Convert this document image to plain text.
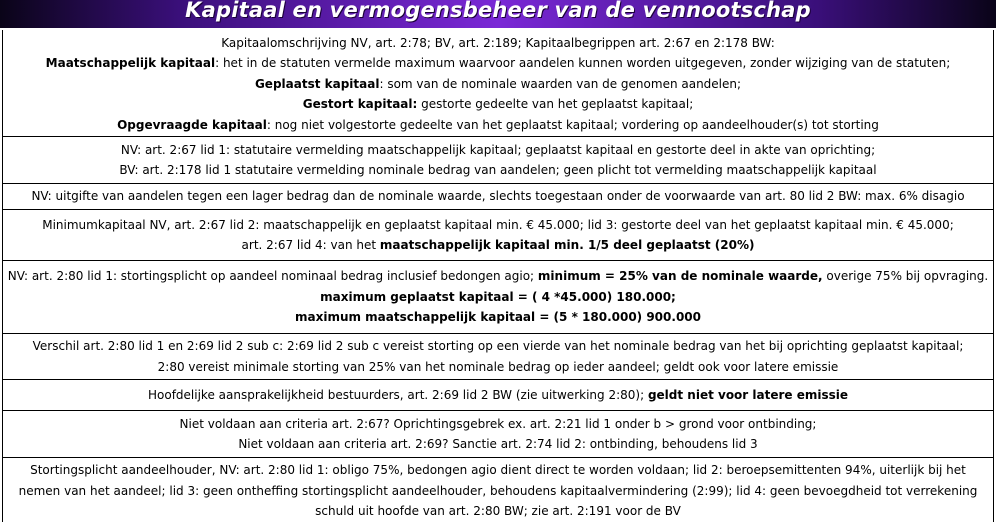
Kapitaal en vermogensbeheer van de vennootschap
Kapitaalomschrijving NV, art. 2:78; BV, art. 2:189; Kapitaalbegrippen art. 2:67 en 2:178 BW:
Maatschappelijk kapitaal: het in de statuten vermelde maximum waarvoor aandelen kunnen worden uitgegeven, zonder wijziging van de statuten;
Geplaatst kapitaal: som van de nominale waarden van de genomen aandelen;
Gestort kapitaal: gestorte gedeelte van het geplaatst kapitaal;
Opgevraagde kapitaal: nog niet volgestorte gedeelte van het geplaatst kapitaal; vordering op aandeelhouder(s) tot storting
NV: art. 2:67 lid 1: statutaire vermelding maatschappelijk kapitaal; geplaatst kapitaal en gestorte deel in akte van oprichting;
BV: art. 2:178 lid 1 statutaire vermelding nominale bedrag van aandelen; geen plicht tot vermelding maatschappelijk kapitaal
NV: uitgifte van aandelen tegen een lager bedrag dan de nominale waarde, slechts toegestaan onder de voorwaarde van art. 80 lid 2 BW: max. 6% disagio
Minimumkapitaal NV, art. 2:67 lid 2: maatschappelijk en geplaatst kapitaal min. € 45.000; lid 3: gestorte deel van het geplaatst kapitaal min. € 45.000;
art. 2:67 lid 4: van het maatschappelijk kapitaal min. 1/5 deel geplaatst (20%)
NV: art. 2:80 lid 1: stortingsplicht op aandeel nominaal bedrag inclusief bedongen agio; minimum = 25% van de nominale waarde, overige 75% bij opvraging.
maximum geplaatst kapitaal = ( 4 *45.000) 180.000;
maximum maatschappelijk kapitaal = (5 * 180.000) 900.000
Verschil art. 2:80 lid 1 en 2:69 lid 2 sub c: 2:69 lid 2 sub c vereist storting op een vierde van het nominale bedrag van het bij oprichting geplaatst kapitaal;
2:80 vereist minimale storting van 25% van het nominale bedrag op ieder aandeel; geldt ook voor latere emissie
Hoofdelijke aansprakelijkheid bestuurders, art. 2:69 lid 2 BW (zie uitwerking 2:80); geldt niet voor latere emissie
Niet voldaan aan criteria art. 2:67? Oprichtingsgebrek ex. art. 2:21 lid 1 onder b > grond voor ontbinding;
Niet voldaan aan criteria art. 2:69? Sanctie art. 2:74 lid 2: ontbinding, behoudens lid 3
Stortingsplicht aandeelhouder, NV: art. 2:80 lid 1: obligo 75%, bedongen agio dient direct te worden voldaan; lid 2: beroepsemittenten 94%, uiterlijk bij het nemen van het aandeel; lid 3: geen ontheffing stortingsplicht aandeelhouder, behoudens kapitaalvermindering (2:99); lid 4: geen bevoegdheid tot verrekening schuld uit hoofde van art. 2:80 BW; zie art. 2:191 voor de BV
